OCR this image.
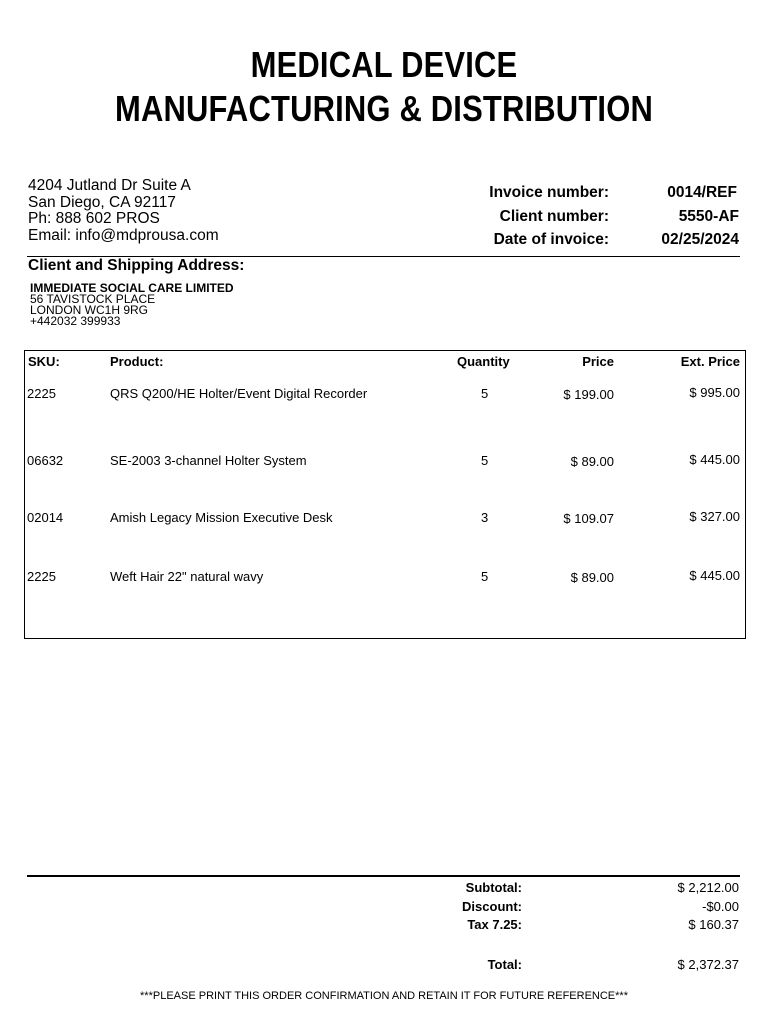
MEDICAL DEVICE
MANUFACTURING & DISTRIBUTION
4204 Jutland Dr Suite A
San Diego, CA 92117
Ph: 888 602 PROS
Email: info@mdprousa.com
Invoice number:	0014/REF
Client number:	5550-AF
Date of invoice:	02/25/2024
Client and Shipping Address:
IMMEDIATE SOCIAL CARE LIMITED
56 TAVISTOCK PLACE
LONDON WC1H 9RG
+442032 399933
SKU:	Product:	Quantity	Price	Ext. Price
2225	QRS Q200/HE Holter/Event Digital Recorder	5	$ 199.00	$ 995.00
06632	SE-2003 3-channel Holter System	5	$ 89.00	$ 445.00
02014	Amish Legacy Mission Executive Desk	3	$ 109.07	$ 327.00
2225	Weft Hair 22" natural wavy	5	$ 89.00	$ 445.00
Subtotal:	$ 2,212.00
Discount:	-$0.00
Tax 7.25:	$ 160.37
Total:	$ 2,372.37
***PLEASE PRINT THIS ORDER CONFIRMATION AND RETAIN IT FOR FUTURE REFERENCE***
